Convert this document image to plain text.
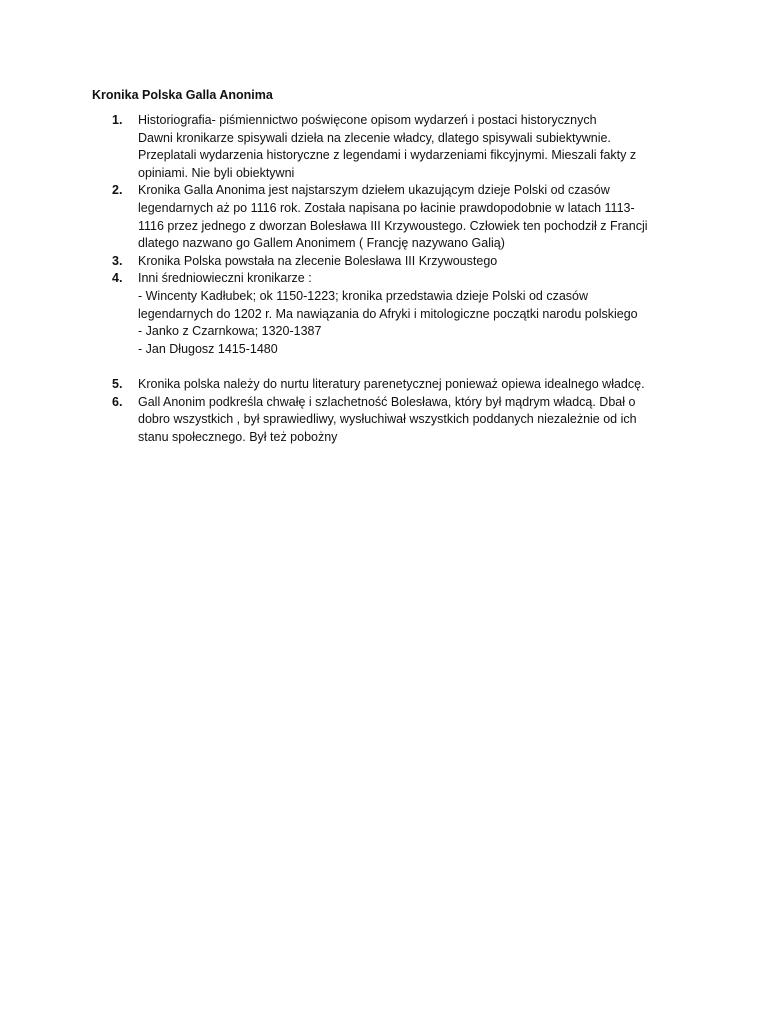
Kronika Polska Galla Anonima
1.	Historiografia- piśmiennictwo poświęcone opisom wydarzeń i postaci historycznych
Dawni kronikarze spisywali dzieła na zlecenie władcy, dlatego spisywali subiektywnie.
Przeplatali wydarzenia historyczne z legendami i wydarzeniami fikcyjnymi. Mieszali fakty z
opiniami. Nie byli obiektywni
2.	Kronika Galla Anonima jest najstarszym dziełem ukazującym dzieje Polski od czasów
legendarnych aż po 1116 rok. Została napisana po łacinie prawdopodobnie w latach 1113-
1116 przez jednego z dworzan Bolesława III Krzywoustego. Człowiek ten pochodził z Francji
dlatego nazwano go Gallem Anonimem ( Francję nazywano Galią)
3.	Kronika Polska powstała na zlecenie Bolesława III Krzywoustego
4.	Inni średniowieczni kronikarze :
- Wincenty Kadłubek; ok 1150-1223; kronika przedstawia dzieje Polski od czasów
legendarnych do 1202 r. Ma nawiązania do Afryki i mitologiczne początki narodu polskiego
- Janko z Czarnkowa; 1320-1387
- Jan Długosz 1415-1480
5.	Kronika polska należy do nurtu literatury parenetycznej ponieważ opiewa idealnego władcę.
6.	Gall Anonim podkreśla chwałę i szlachetność Bolesława, który był mądrym władcą. Dbał o
dobro wszystkich , był sprawiedliwy, wysłuchiwał wszystkich poddanych niezależnie od ich
stanu społecznego. Był też pobożny
